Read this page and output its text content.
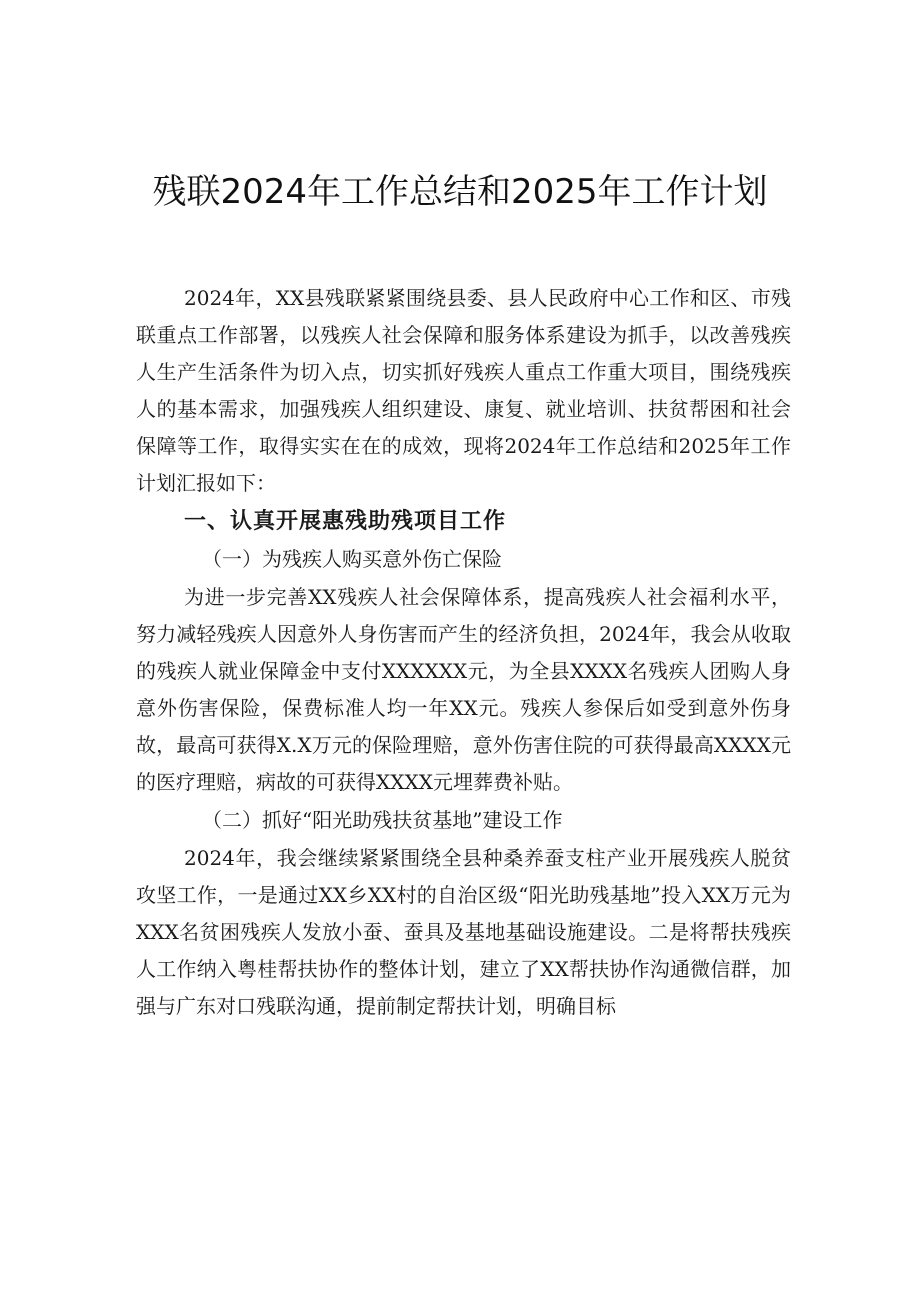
残联2024年工作总结和2025年工作计划

2024年，XX县残联紧紧围绕县委、县人民政府中心工作和区、市残联重点工作部署，以残疾人社会保障和服务体系建设为抓手，以改善残疾人生产生活条件为切入点，切实抓好残疾人重点工作重大项目，围绕残疾人的基本需求，加强残疾人组织建设、康复、就业培训、扶贫帮困和社会保障等工作，取得实实在在的成效，现将2024年工作总结和2025年工作计划汇报如下：

一、认真开展惠残助残项目工作
（一）为残疾人购买意外伤亡保险

为进一步完善XX残疾人社会保障体系，提高残疾人社会福利水平，努力减轻残疾人因意外人身伤害而产生的经济负担，2024年，我会从收取的残疾人就业保障金中支付XXXXXX元，为全县XXXX名残疾人团购人身意外伤害保险，保费标准人均一年XX元。残疾人参保后如受到意外伤身故，最高可获得X.X万元的保险理赔，意外伤害住院的可获得最高XXXX元的医疗理赔，病故的可获得XXXX元埋葬费补贴。

（二）抓好“阳光助残扶贫基地”建设工作

2024年，我会继续紧紧围绕全县种桑养蚕支柱产业开展残疾人脱贫攻坚工作，一是通过XX乡XX村的自治区级“阳光助残基地”投入XX万元为XXX名贫困残疾人发放小蚕、蚕具及基地基础设施建设。二是将帮扶残疾人工作纳入粤桂帮扶协作的整体计划，建立了XX帮扶协作沟通微信群，加强与广东对口残联沟通，提前制定帮扶计划，明确目标
